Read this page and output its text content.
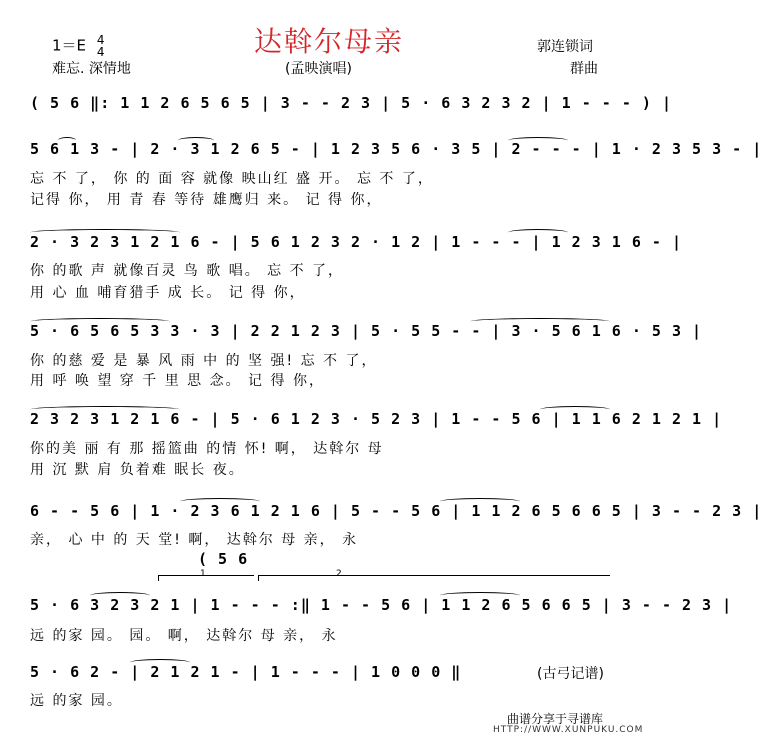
达斡尔母亲
1＝E 4
4
难忘. 深情地	(孟映演唱)
郭连锁词
群曲
( 5 6 ‖: 1 1 2 6 5 6 5 | 3 - - 2 3 | 5 · 6 3 2 3 2 | 1 - - - ) |
5 6 1 3 - | 2 · 3 1 2 6 5 - | 1 2 3 5 6 · 3 5 | 2 - - - | 1 · 2 3 5 3 - |
忘 不 了， 你 的 面 容 就像 映山红 盛 开。 忘 不 了，
记得 你， 用 青 春 等待 雄鹰归 来。 记 得 你，
2 · 3 2 3 1 2 1 6 - | 5 6 1 2 3 2 · 1 2 | 1 - - - | 1 2 3 1 6 - |
你 的歌 声 就像百灵 鸟 歌 唱。 忘 不 了，
用 心 血 哺育猎手 成 长。 记 得 你，
5 · 6 5 6 5 3 3 · 3 | 2 2 1 2 3 | 5 · 5 5 - - | 3 · 5 6 1 6 · 5 3 |
你 的慈 爱 是 暴 风 雨 中 的 坚 强! 忘 不 了，
用 呼 唤 望 穿 千 里 思 念。 记 得 你，
2 3 2 3 1 2 1 6 - | 5 · 6 1 2 3 · 5 2 3 | 1 - - 5 6 | 1 1 6 2 1 2 1 |
你的美 丽 有 那 摇篮曲 的情 怀! 啊， 达斡尔 母
用 沉 默 肩 负着难 眠长 夜。
6 - - 5 6 | 1 · 2 3 6 1 2 1 6 | 5 - - 5 6 | 1 1 2 6 5 6 6 5 | 3 - - 2 3 |
亲， 心 中 的 天 堂! 啊， 达斡尔 母 亲， 永
( 5 6
1	2
5 · 6 3 2 3 2 1 | 1 - - - :‖ 1 - - 5 6 | 1 1 2 6 5 6 6 5 | 3 - - 2 3 |
远 的家 园。 园。 啊， 达斡尔 母 亲， 永
5 · 6 2 - | 2 1 2 1 - | 1 - - - | 1 0 0 0 ‖
远 的家 园。
(古弓记谱)
曲谱分享于寻谱库
HTTP://WWW.XUNPUKU.COM
